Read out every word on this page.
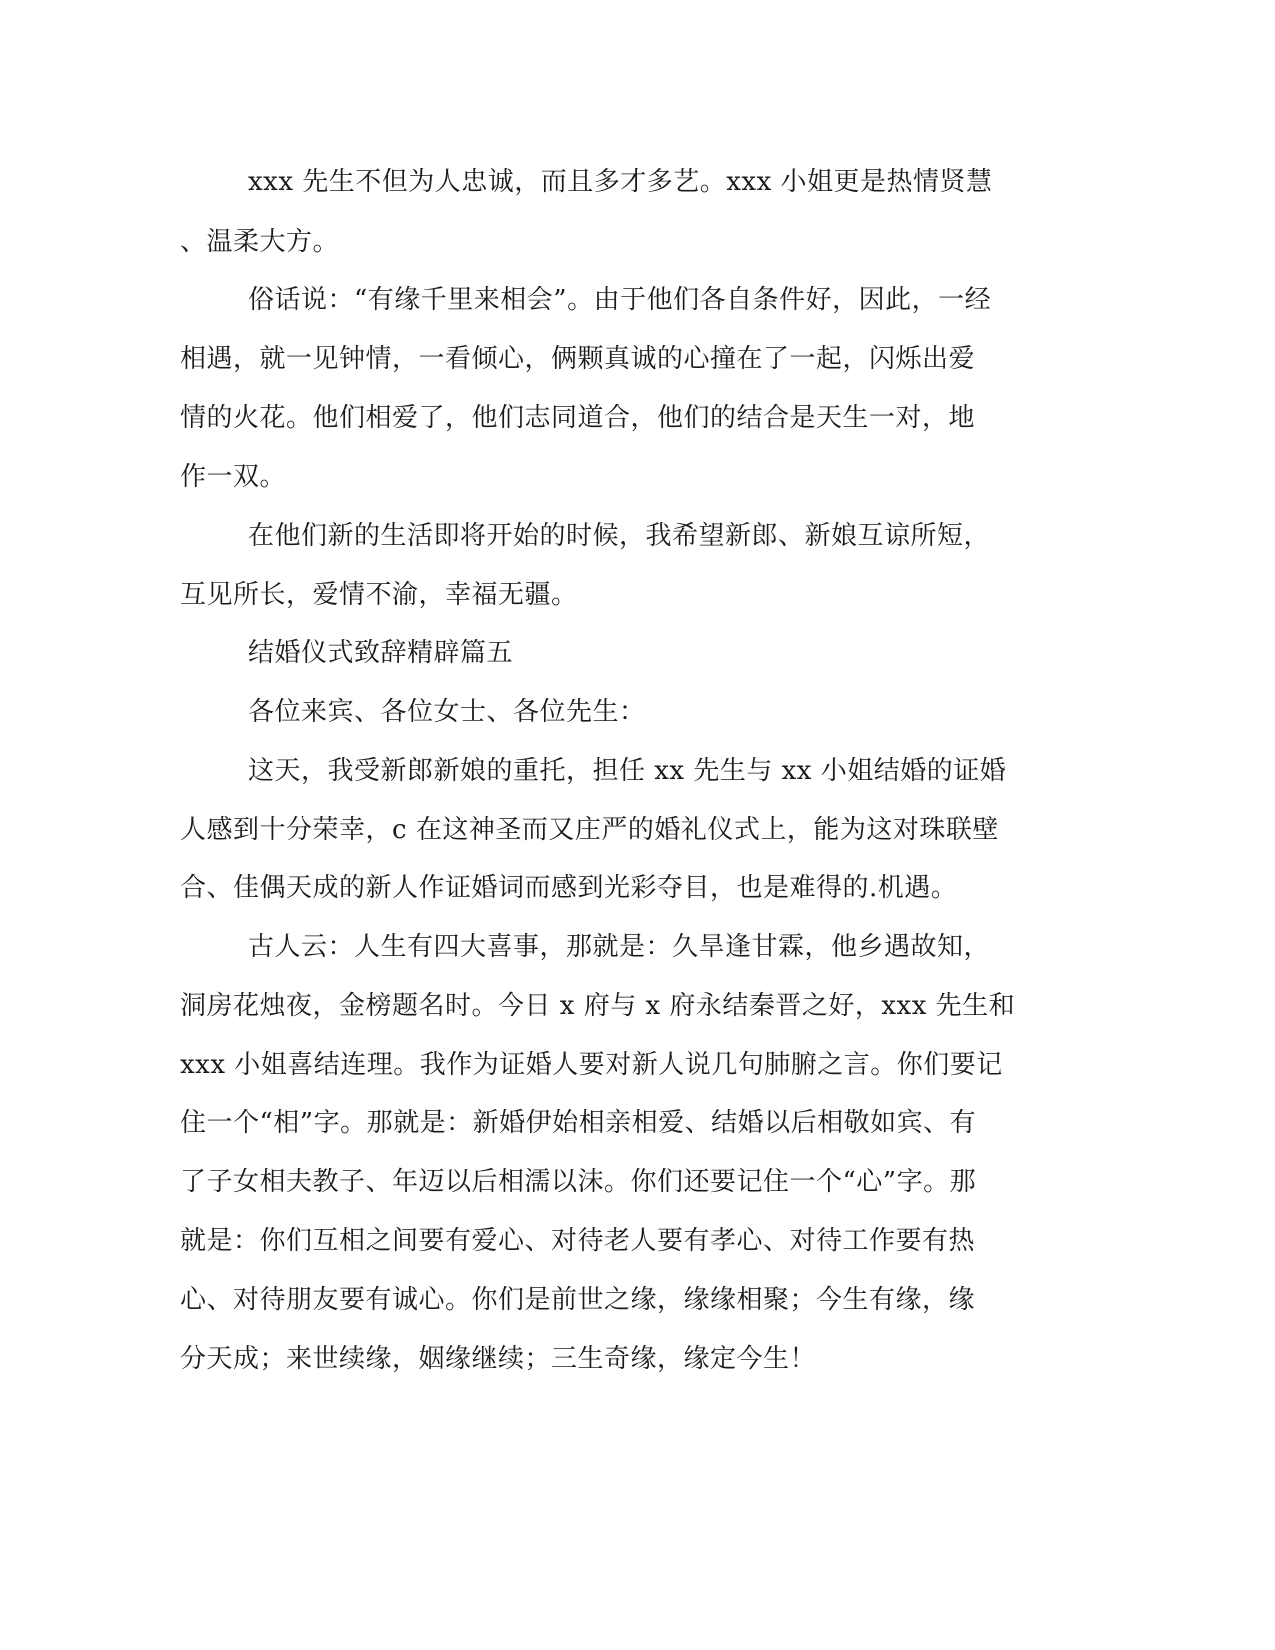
xxx 先生不但为人忠诚，而且多才多艺。xxx 小姐更是热情贤慧
、温柔大方。
俗话说：“有缘千里来相会”。由于他们各自条件好，因此，一经
相遇，就一见钟情，一看倾心，俩颗真诚的心撞在了一起，闪烁出爱
情的火花。他们相爱了，他们志同道合，他们的结合是天生一对，地
作一双。
在他们新的生活即将开始的时候，我希望新郎、新娘互谅所短，
互见所长，爱情不渝，幸福无疆。
结婚仪式致辞精辟篇五
各位来宾、各位女士、各位先生：
这天，我受新郎新娘的重托，担任 xx 先生与 xx 小姐结婚的证婚
人感到十分荣幸，c 在这神圣而又庄严的婚礼仪式上，能为这对珠联壁
合、佳偶天成的新人作证婚词而感到光彩夺目，也是难得的.机遇。
古人云：人生有四大喜事，那就是：久旱逢甘霖，他乡遇故知，
洞房花烛夜，金榜题名时。今日 x 府与 x 府永结秦晋之好，xxx 先生和
xxx 小姐喜结连理。我作为证婚人要对新人说几句肺腑之言。你们要记
住一个“相”字。那就是：新婚伊始相亲相爱、结婚以后相敬如宾、有
了子女相夫教子、年迈以后相濡以沫。你们还要记住一个“心”字。那
就是：你们互相之间要有爱心、对待老人要有孝心、对待工作要有热
心、对待朋友要有诚心。你们是前世之缘，缘缘相聚；今生有缘，缘
分天成；来世续缘，姻缘继续；三生奇缘，缘定今生！
